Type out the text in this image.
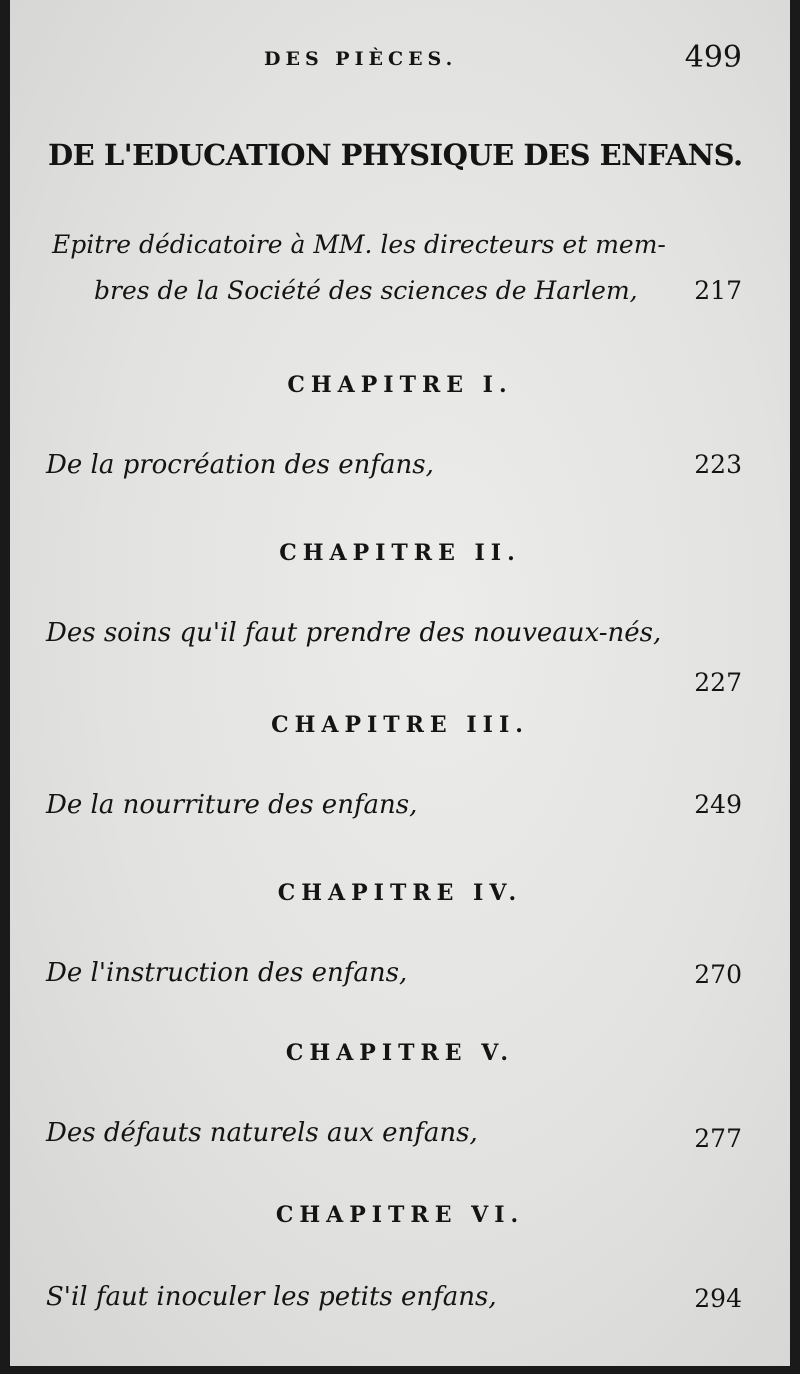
DES PIÈCES.	499
DE L'EDUCATION PHYSIQUE DES ENFANS.
Epitre dédicatoire à MM. les directeurs et mem-
bres de la Société des sciences de Harlem,	217
CHAPITRE I.
De la procréation des enfans,	223
CHAPITRE II.
Des soins qu'il faut prendre des nouveaux-nés,
227
CHAPITRE III.
De la nourriture des enfans,	249
CHAPITRE IV.
De l'instruction des enfans,	270
CHAPITRE V.
Des défauts naturels aux enfans,	277
CHAPITRE VI.
S'il faut inoculer les petits enfans,	294
